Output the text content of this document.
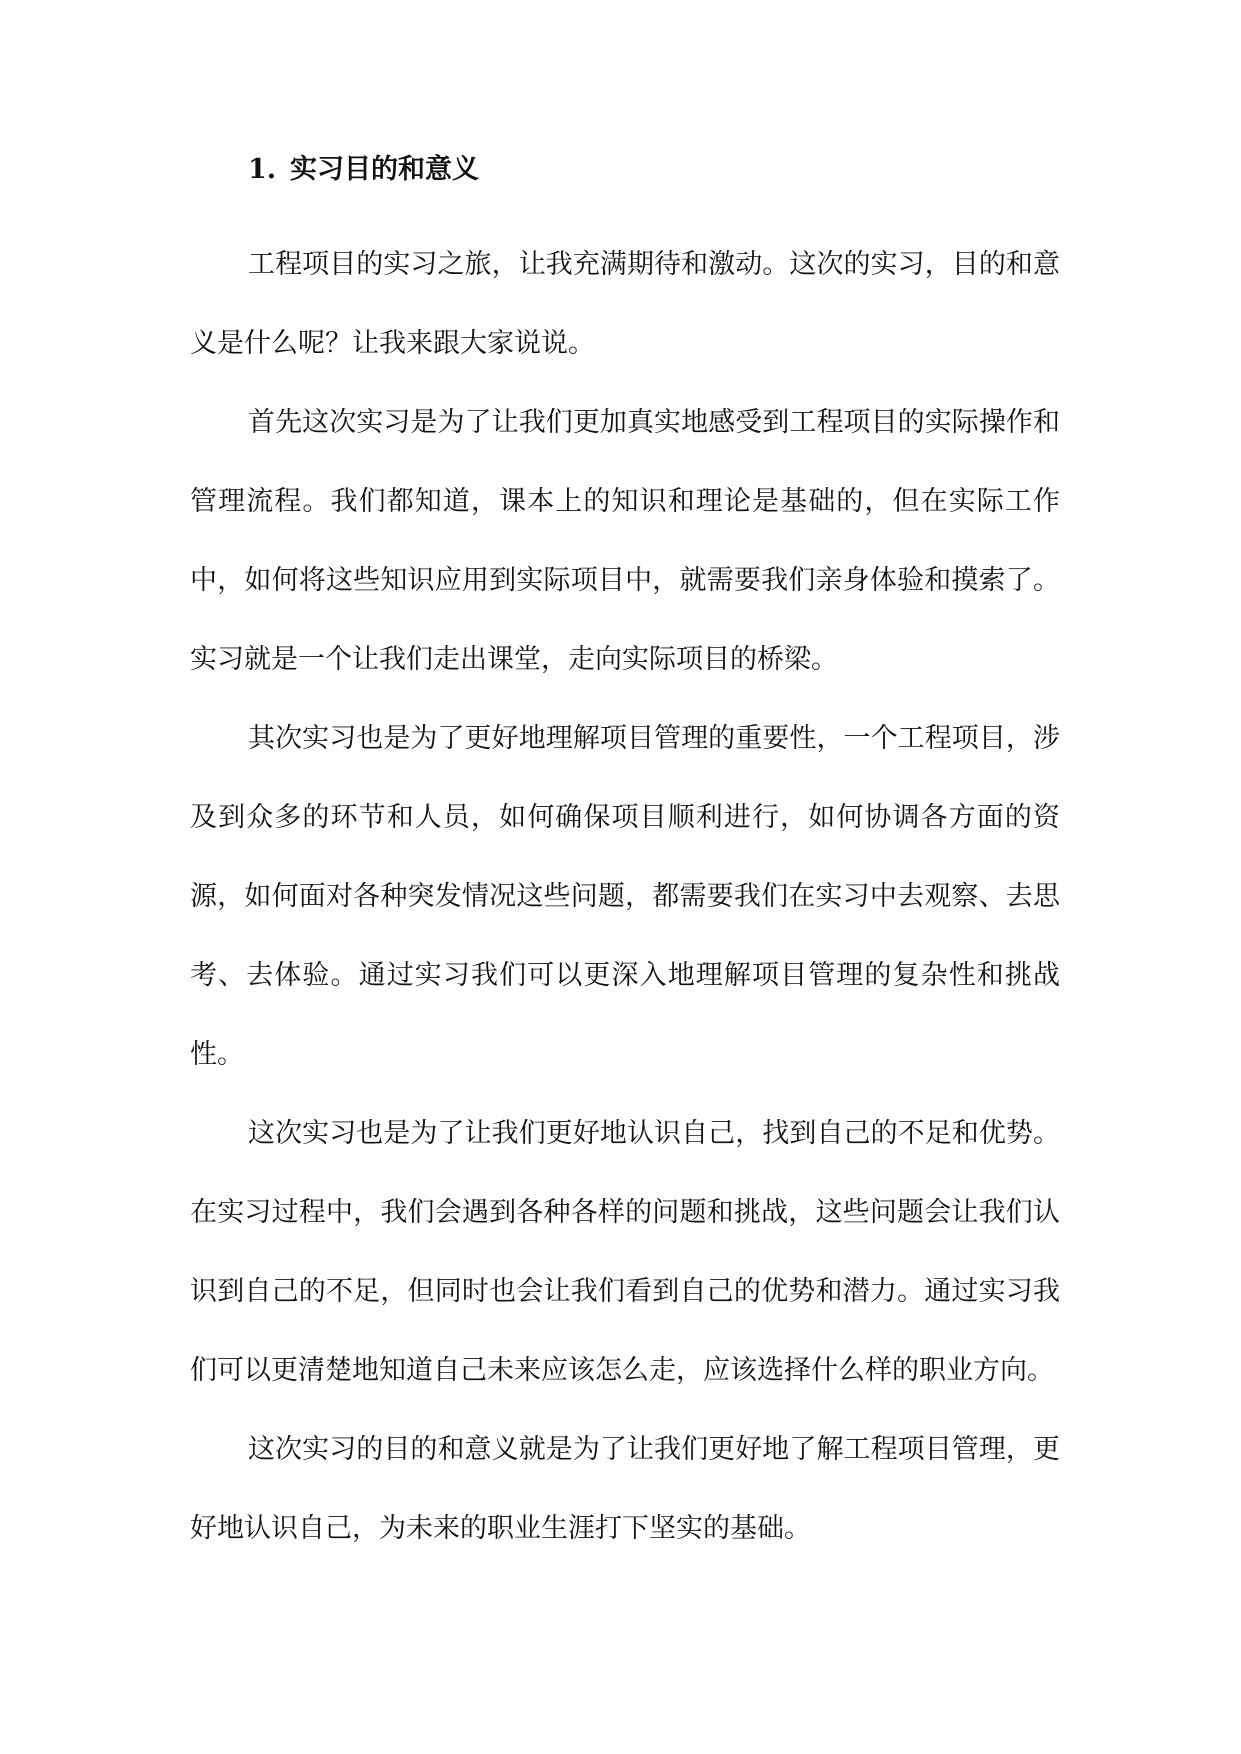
1. 实习目的和意义

工程项目的实习之旅，让我充满期待和激动。这次的实习，目的和意义是什么呢？让我来跟大家说说。

首先这次实习是为了让我们更加真实地感受到工程项目的实际操作和管理流程。我们都知道，课本上的知识和理论是基础的，但在实际工作中，如何将这些知识应用到实际项目中，就需要我们亲身体验和摸索了。实习就是一个让我们走出课堂，走向实际项目的桥梁。

其次实习也是为了更好地理解项目管理的重要性，一个工程项目，涉及到众多的环节和人员，如何确保项目顺利进行，如何协调各方面的资源，如何面对各种突发情况这些问题，都需要我们在实习中去观察、去思考、去体验。通过实习我们可以更深入地理解项目管理的复杂性和挑战性。

这次实习也是为了让我们更好地认识自己，找到自己的不足和优势。在实习过程中，我们会遇到各种各样的问题和挑战，这些问题会让我们认识到自己的不足，但同时也会让我们看到自己的优势和潜力。通过实习我们可以更清楚地知道自己未来应该怎么走，应该选择什么样的职业方向。

这次实习的目的和意义就是为了让我们更好地了解工程项目管理，更好地认识自己，为未来的职业生涯打下坚实的基础。
